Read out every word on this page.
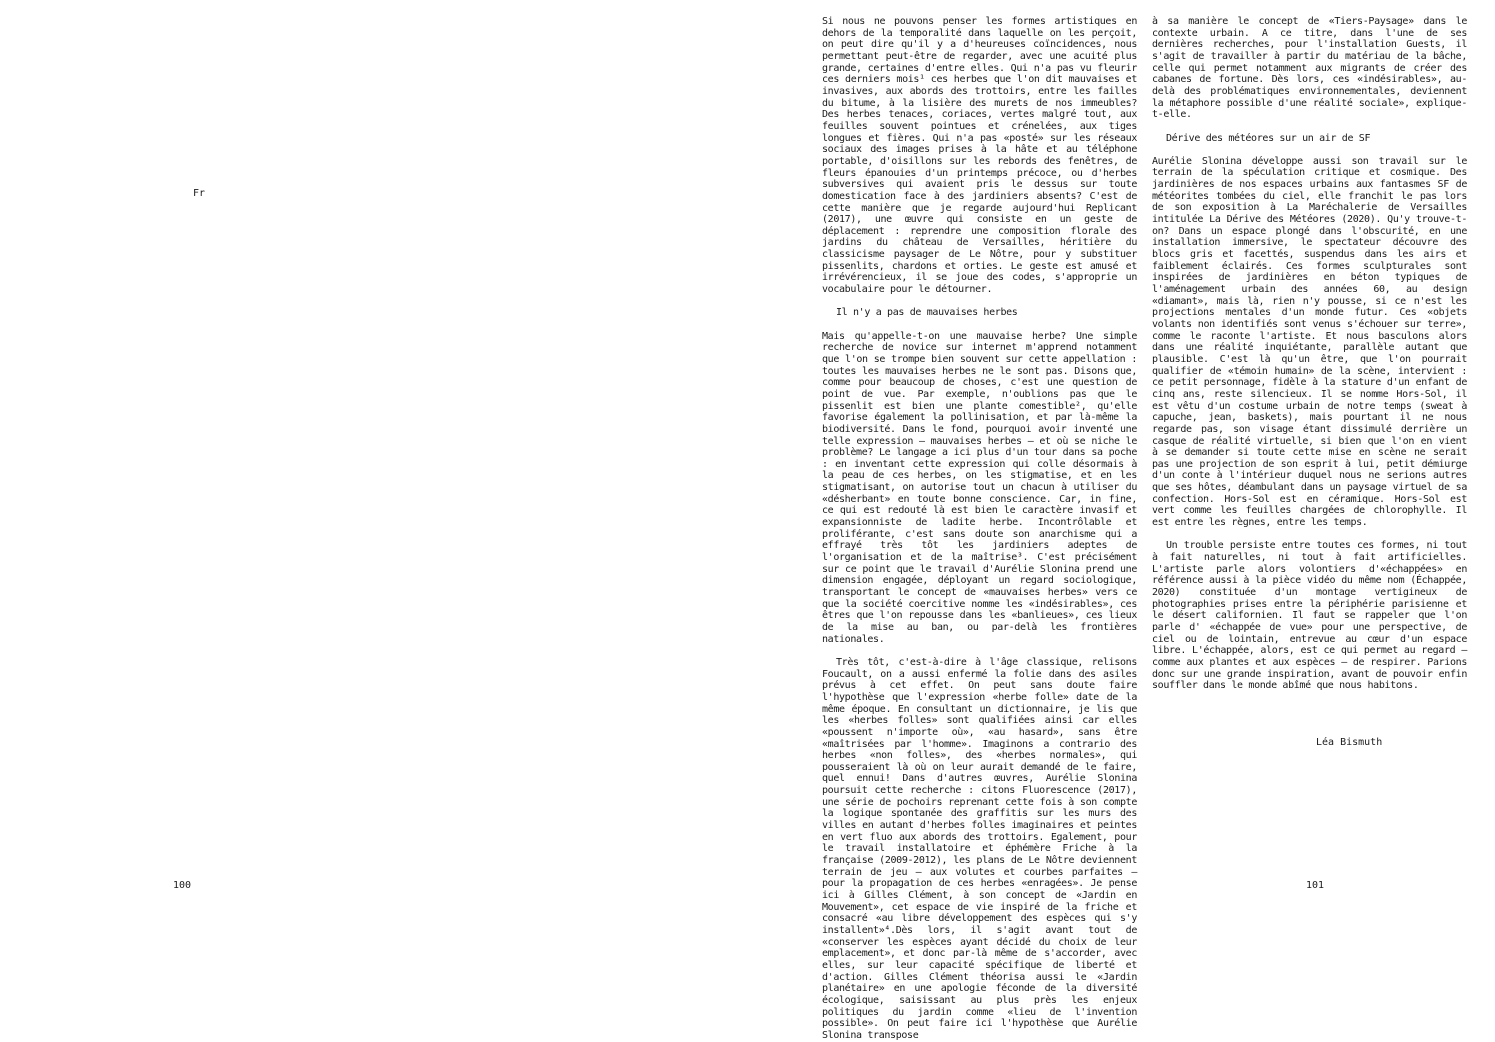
Fr
100

Si nous ne pouvons penser les formes artistiques en dehors de la temporalité dans laquelle on les perçoit, on peut dire qu'il y a d'heureuses coïncidences, nous permettant peut-être de regarder, avec une acuité plus grande, certaines d'entre elles. Qui n'a pas vu fleurir ces derniers mois¹ ces herbes que l'on dit mauvaises et invasives, aux abords des trottoirs, entre les failles du bitume, à la lisière des murets de nos immeubles? Des herbes tenaces, coriaces, vertes malgré tout, aux feuilles souvent pointues et crénelées, aux tiges longues et fières. Qui n'a pas «posté» sur les réseaux sociaux des images prises à la hâte et au téléphone portable, d'oisillons sur les rebords des fenêtres, de fleurs épanouies d'un printemps précoce, ou d'herbes subversives qui avaient pris le dessus sur toute domestication face à des jardiniers absents? C'est de cette manière que je regarde aujourd'hui Replicant (2017), une œuvre qui consiste en un geste de déplacement : reprendre une composition florale des jardins du château de Versailles, héritière du classicisme paysager de Le Nôtre, pour y substituer pissenlits, chardons et orties. Le geste est amusé et irrévérencieux, il se joue des codes, s'approprie un vocabulaire pour le détourner.

Il n'y a pas de mauvaises herbes

Mais qu'appelle-t-on une mauvaise herbe? Une simple recherche de novice sur internet m'apprend notamment que l'on se trompe bien souvent sur cette appellation : toutes les mauvaises herbes ne le sont pas. Disons que, comme pour beaucoup de choses, c'est une question de point de vue. Par exemple, n'oublions pas que le pissenlit est bien une plante comestible², qu'elle favorise également la pollinisation, et par là-même la biodiversité. Dans le fond, pourquoi avoir inventé une telle expression — mauvaises herbes — et où se niche le problème? Le langage a ici plus d'un tour dans sa poche : en inventant cette expression qui colle désormais à la peau de ces herbes, on les stigmatise, et en les stigmatisant, on autorise tout un chacun à utiliser du «désherbant» en toute bonne conscience. Car, in fine, ce qui est redouté là est bien le caractère invasif et expansionniste de ladite herbe. Incontrôlable et proliférante, c'est sans doute son anarchisme qui a effrayé très tôt les jardiniers adeptes de l'organisation et de la maîtrise³. C'est précisément sur ce point que le travail d'Aurélie Slonina prend une dimension engagée, déployant un regard sociologique, transportant le concept de «mauvaises herbes» vers ce que la société coercitive nomme les «indésirables», ces êtres que l'on repousse dans les «banlieues», ces lieux de la mise au ban, ou par-delà les frontières nationales.

Très tôt, c'est-à-dire à l'âge classique, relisons Foucault, on a aussi enfermé la folie dans des asiles prévus à cet effet. On peut sans doute faire l'hypothèse que l'expression «herbe folle» date de la même époque. En consultant un dictionnaire, je lis que les «herbes folles» sont qualifiées ainsi car elles «poussent n'importe où», «au hasard», sans être «maîtrisées par l'homme». Imaginons a contrario des herbes «non folles», des «herbes normales», qui pousseraient là où on leur aurait demandé de le faire, quel ennui! Dans d'autres œuvres, Aurélie Slonina poursuit cette recherche : citons Fluorescence (2017), une série de pochoirs reprenant cette fois à son compte la logique spontanée des graffitis sur les murs des villes en autant d'herbes folles imaginaires et peintes en vert fluo aux abords des trottoirs. Egalement, pour le travail installatoire et éphémère Friche à la française (2009-2012), les plans de Le Nôtre deviennent terrain de jeu — aux volutes et courbes parfaites — pour la propagation de ces herbes «enragées». Je pense ici à Gilles Clément, à son concept de «Jardin en Mouvement», cet espace de vie inspiré de la friche et consacré «au libre développement des espèces qui s'y installent»⁴.Dès lors, il s'agit avant tout de «conserver les espèces ayant décidé du choix de leur emplacement», et donc par-là même de s'accorder, avec elles, sur leur capacité spécifique de liberté et d'action. Gilles Clément théorisa aussi le «Jardin planétaire» en une apologie féconde de la diversité écologique, saisissant au plus près les enjeux politiques du jardin comme «lieu de l'invention possible». On peut faire ici l'hypothèse que Aurélie Slonina transpose

à sa manière le concept de «Tiers-Paysage» dans le contexte urbain. A ce titre, dans l'une de ses dernières recherches, pour l'installation Guests, il s'agit de travailler à partir du matériau de la bâche, celle qui permet notamment aux migrants de créer des cabanes de fortune. Dès lors, ces «indésirables», au-delà des problématiques environnementales, deviennent la métaphore possible d'une réalité sociale», explique-t-elle.

Dérive des météores sur un air de SF

Aurélie Slonina développe aussi son travail sur le terrain de la spéculation critique et cosmique. Des jardinières de nos espaces urbains aux fantasmes SF de météorites tombées du ciel, elle franchit le pas lors de son exposition à La Maréchalerie de Versailles intitulée La Dérive des Météores (2020). Qu'y trouve-t-on? Dans un espace plongé dans l'obscurité, en une installation immersive, le spectateur découvre des blocs gris et facettés, suspendus dans les airs et faiblement éclairés. Ces formes sculpturales sont inspirées de jardinières en béton typiques de l'aménagement urbain des années 60, au design «diamant», mais là, rien n'y pousse, si ce n'est les projections mentales d'un monde futur. Ces «objets volants non identifiés sont venus s'échouer sur terre», comme le raconte l'artiste. Et nous basculons alors dans une réalité inquiétante, parallèle autant que plausible. C'est là qu'un être, que l'on pourrait qualifier de «témoin humain» de la scène, intervient : ce petit personnage, fidèle à la stature d'un enfant de cinq ans, reste silencieux. Il se nomme Hors-Sol, il est vêtu d'un costume urbain de notre temps (sweat à capuche, jean, baskets), mais pourtant il ne nous regarde pas, son visage étant dissimulé derrière un casque de réalité virtuelle, si bien que l'on en vient à se demander si toute cette mise en scène ne serait pas une projection de son esprit à lui, petit démiurge d'un conte à l'intérieur duquel nous ne serions autres que ses hôtes, déambulant dans un paysage virtuel de sa confection. Hors-Sol est en céramique. Hors-Sol est vert comme les feuilles chargées de chlorophylle. Il est entre les règnes, entre les temps.

Un trouble persiste entre toutes ces formes, ni tout à fait naturelles, ni tout à fait artificielles. L'artiste parle alors volontiers d'«échappées» en référence aussi à la pièce vidéo du même nom (Échappée, 2020) constituée d'un montage vertigineux de photographies prises entre la périphérie parisienne et le désert californien. Il faut se rappeler que l'on parle d' «échappée de vue» pour une perspective, de ciel ou de lointain, entrevue au cœur d'un espace libre. L'échappée, alors, est ce qui permet au regard — comme aux plantes et aux espèces — de respirer. Parions donc sur une grande inspiration, avant de pouvoir enfin souffler dans le monde abîmé que nous habitons.

Léa Bismuth
101
